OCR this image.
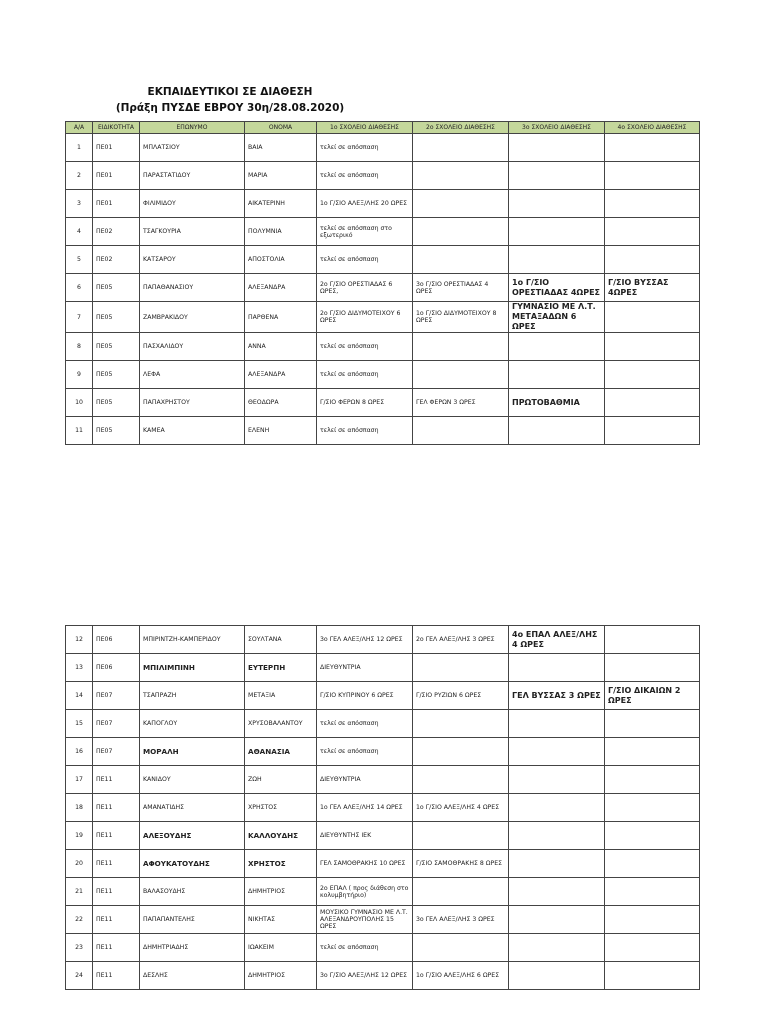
ΕΚΠΑΙΔΕΥΤΙΚΟΙ ΣΕ ΔΙΑΘΕΣΗ
(Πράξη ΠΥΣΔΕ ΕΒΡΟΥ 30η/28.08.2020)
Α/Α	ΕΙΔΙΚΟΤΗΤΑ	ΕΠΩΝΥΜΟ	ΟΝΟΜΑ	1ο ΣΧΟΛΕΙΟ ΔΙΑΘΕΣΗΣ	2ο ΣΧΟΛΕΙΟ ΔΙΑΘΕΣΗΣ	3ο ΣΧΟΛΕΙΟ ΔΙΑΘΕΣΗΣ	4ο ΣΧΟΛΕΙΟ ΔΙΑΘΕΣΗΣ
1	ΠΕ01	ΜΠΛΑΤΣΙΟΥ	ΒΑΙΑ	τελεί σε απόσπαση			
2	ΠΕ01	ΠΑΡΑΣΤΑΤΙΔΟΥ	ΜΑΡΙΑ	τελεί σε απόσπαση			
3	ΠΕ01	ΦΙΛΙΜΙΔΟΥ	ΑΙΚΑΤΕΡΙΝΗ	1ο Γ/ΣΙΟ ΑΛΕΞ/ΛΗΣ 20 ΩΡΕΣ			
4	ΠΕ02	ΤΣΑΓΚΟΥΡΙΑ	ΠΟΛΥΜΝΙΑ	τελεί σε απόσπαση στο εξωτερικό			
5	ΠΕ02	ΚΑΤΣΑΡΟΥ	ΑΠΟΣΤΟΛΙΑ	τελεί σε απόσπαση			
6	ΠΕ05	ΠΑΠΑΘΑΝΑΣΙΟΥ	ΑΛΕΞΑΝΔΡΑ	2ο Γ/ΣΙΟ ΟΡΕΣΤΙΑΔΑΣ 6 ΩΡΕΣ,	3ο Γ/ΣΙΟ ΟΡΕΣΤΙΑΔΑΣ 4 ΩΡΕΣ	1ο Γ/ΣΙΟ ΟΡΕΣΤΙΑΔΑΣ 4ΩΡΕΣ	Γ/ΣΙΟ ΒΥΣΣΑΣ 4ΩΡΕΣ
7	ΠΕ05	ΖΑΜΒΡΑΚΙΔΟΥ	ΠΑΡΘΕΝΑ	2ο Γ/ΣΙΟ ΔΙΔΥΜΟΤΕΙΧΟΥ 6 ΩΡΕΣ	1ο Γ/ΣΙΟ ΔΙΔΥΜΟΤΕΙΧΟΥ 8 ΩΡΕΣ	ΓΥΜΝΑΣΙΟ ΜΕ Λ.Τ. ΜΕΤΑΞΑΔΩΝ 6 ΩΡΕΣ	
8	ΠΕ05	ΠΑΣΧΑΛΙΔΟΥ	ΑΝΝΑ	τελεί σε απόσπαση			
9	ΠΕ05	ΛΕΦΑ	ΑΛΕΞΑΝΔΡΑ	τελεί σε απόσπαση			
10	ΠΕ05	ΠΑΠΑΧΡΗΣΤΟΥ	ΘΕΟΔΩΡΑ	Γ/ΣΙΟ ΦΕΡΩΝ 8 ΩΡΕΣ	ΓΕΛ ΦΕΡΩΝ 3 ΩΡΕΣ	ΠΡΩΤΟΒΑΘΜΙΑ	
11	ΠΕ05	ΚΑΜΕΑ	ΕΛΕΝΗ	τελεί σε απόσπαση			
12	ΠΕ06	ΜΠΙΡΙΝΤΖΗ-ΚΑΜΠΕΡΙΔΟΥ	ΣΟΥΛΤΑΝΑ	3ο ΓΕΛ ΑΛΕΞ/ΛΗΣ 12 ΩΡΕΣ	2ο ΓΕΛ ΑΛΕΞ/ΛΗΣ 3 ΩΡΕΣ	4ο ΕΠΑΛ ΑΛΕΞ/ΛΗΣ 4 ΩΡΕΣ	
13	ΠΕ06	ΜΠΙΛΙΜΠΙΝΗ	ΕΥΤΕΡΠΗ	ΔΙΕΥΘΥΝΤΡΙΑ			
14	ΠΕ07	ΤΣΑΠΡΑΖΗ	ΜΕΤΑΞΙΑ	Γ/ΣΙΟ ΚΥΠΡΙΝΟΥ 6 ΩΡΕΣ	Γ/ΣΙΟ ΡΥΖΙΩΝ 6 ΩΡΕΣ	ΓΕΛ ΒΥΣΣΑΣ 3 ΩΡΕΣ	Γ/ΣΙΟ ΔΙΚΑΙΩΝ 2 ΩΡΕΣ
15	ΠΕ07	ΚΑΠΟΓΛΟΥ	ΧΡΥΣΟΒΑΛΑΝΤΟΥ	τελεί σε απόσπαση			
16	ΠΕ07	ΜΟΡΑΛΗ	ΑΘΑΝΑΣΙΑ	τελεί σε απόσπαση			
17	ΠΕ11	ΚΑΝΙΔΟΥ	ΖΩΗ	ΔΙΕΥΘΥΝΤΡΙΑ			
18	ΠΕ11	ΑΜΑΝΑΤΙΔΗΣ	ΧΡΗΣΤΟΣ	1ο ΓΕΛ ΑΛΕΞ/ΛΗΣ 14 ΩΡΕΣ	1ο Γ/ΣΙΟ ΑΛΕΞ/ΛΗΣ 4 ΩΡΕΣ		
19	ΠΕ11	ΑΛΕΞΟΥΔΗΣ	ΚΑΛΛΟΥΔΗΣ	ΔΙΕΥΘΥΝΤΗΣ ΙΕΚ			
20	ΠΕ11	ΑΦΟΥΚΑΤΟΥΔΗΣ	ΧΡΗΣΤΟΣ	ΓΕΛ ΣΑΜΟΘΡΑΚΗΣ 10 ΩΡΕΣ	Γ/ΣΙΟ ΣΑΜΟΘΡΑΚΗΣ 8 ΩΡΕΣ		
21	ΠΕ11	ΒΑΛΑΣΟΥΔΗΣ	ΔΗΜΗΤΡΙΟΣ	2ο ΕΠΑΛ ( προς διάθεση στο κολυμβητήριο)			
22	ΠΕ11	ΠΑΠΑΠΑΝΤΕΛΗΣ	ΝΙΚΗΤΑΣ	ΜΟΥΣΙΚΟ ΓΥΜΝΑΣΙΟ ΜΕ Λ.Τ. ΑΛΕΞΑΝΔΡΟΥΠΟΛΗΣ 15 ΩΡΕΣ	3ο ΓΕΛ ΑΛΕΞ/ΛΗΣ 3 ΩΡΕΣ		
23	ΠΕ11	ΔΗΜΗΤΡΙΑΔΗΣ	ΙΩΑΚΕΙΜ	τελεί σε απόσπαση			
24	ΠΕ11	ΔΕΣΛΗΣ	ΔΗΜΗΤΡΙΟΣ	3ο Γ/ΣΙΟ ΑΛΕΞ/ΛΗΣ 12 ΩΡΕΣ	1ο Γ/ΣΙΟ ΑΛΕΞ/ΛΗΣ 6 ΩΡΕΣ		
